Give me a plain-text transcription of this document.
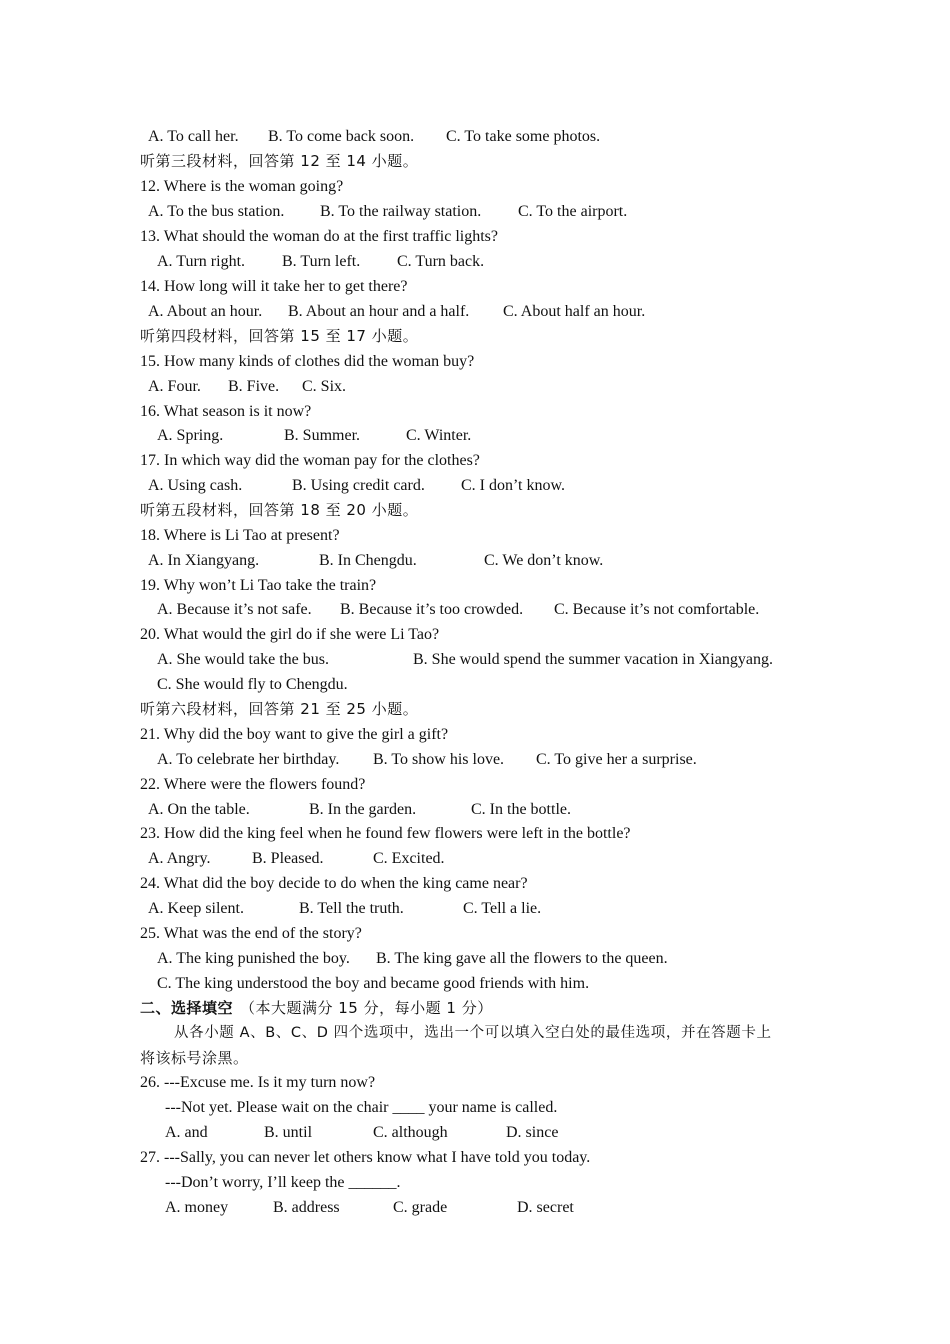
A. To call her. B. To come back soon. C. To take some photos.
听第三段材料，回答第 12 至 14 小题。
12. Where is the woman going?
A. To the bus station. B. To the railway station. C. To the airport.
13. What should the woman do at the first traffic lights?
A. Turn right. B. Turn left. C. Turn back.
14. How long will it take her to get there?
A. About an hour. B. About an hour and a half. C. About half an hour.
听第四段材料，回答第 15 至 17 小题。
15. How many kinds of clothes did the woman buy?
A. Four. B. Five. C. Six.
16. What season is it now?
A. Spring.	B. Summer.	C. Winter.
17. In which way did the woman pay for the clothes?
A. Using cash.	B. Using credit card. C. I don’t know.
听第五段材料，回答第 18 至 20 小题。
18. Where is Li Tao at present?
A. In Xiangyang.	B. In Chengdu.	C. We don’t know.
19. Why won’t Li Tao take the train?
A. Because it’s not safe. B. Because it’s too crowded. C. Because it’s not comfortable.
20. What would the girl do if she were Li Tao?
A. She would take the bus.	B. She would spend the summer vacation in Xiangyang.
C. She would fly to Chengdu.
听第六段材料，回答第 21 至 25 小题。
21. Why did the boy want to give the girl a gift?
A. To celebrate her birthday. B. To show his love. C. To give her a surprise.
22. Where were the flowers found?
A. On the table.	B. In the garden.	C. In the bottle.
23. How did the king feel when he found few flowers were left in the bottle?
A. Angry.	B. Pleased.	C. Excited.
24. What did the boy decide to do when the king came near?
A. Keep silent.	B. Tell the truth.	C. Tell a lie.
25. What was the end of the story?
A. The king punished the boy. B. The king gave all the flowers to the queen.
C. The king understood the boy and became good friends with him.
二、选择填空 （本大题满分 15 分，每小题 1 分）
从各小题 A、B、C、D 四个选项中，选出一个可以填入空白处的最佳选项，并在答题卡上
将该标号涂黑。
26. ---Excuse me. Is it my turn now?
---Not yet. Please wait on the chair ____ your name is called.
A. and	B. until	C. although	D. since
27. ---Sally, you can never let others know what I have told you today.
---Don’t worry, I’ll keep the ______.
A. money	B. address	C. grade	D. secret
